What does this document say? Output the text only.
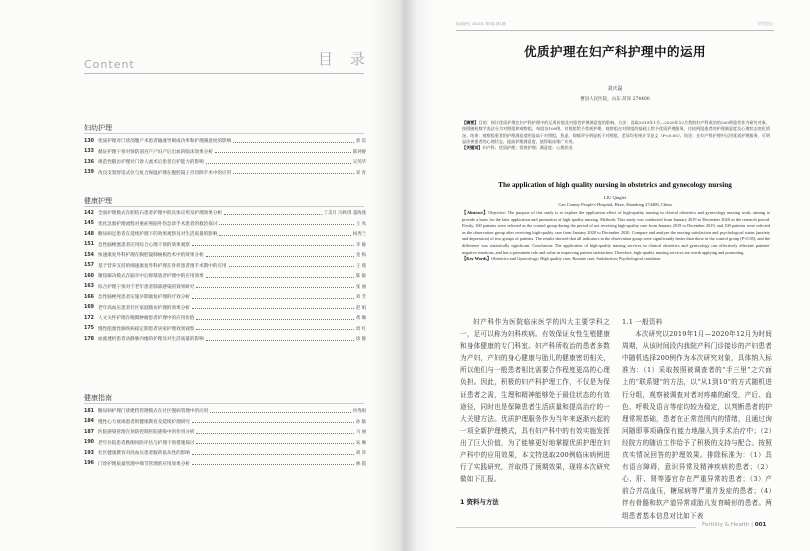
Content	目 录
妇幼护理
130 优质护理对门诊剖腹产术患者输液导刺成功率和护理满意度的影响	郭 雷
133 循证护理干预对预防剖宫产产妇产后出血的临床效果分析	陈钟静
136 规范性随访护理对门诊人流术后患者自护能力的影响	吴英华
139 改良支架舒适式位与复合保温护理在腹腔镜子宫切除手术中的应用	邓 青
健康护理
142 全面护理模式在胆结石患者护理中的具体应用及护理效果分析	丁美月 冯秋琪 董海燕
145 优化急救护理流程对重症颅脑外伤急诊手术患者的救治探讨	王 凤
148 糖尿病足患者在延续护理下的效果观察及对生活质量的影响	杨秀兰
151 急性脑梗塞患者应用综合心理干预的效果观察	李 静
154 快速康复外科护理在胸腔镜肺癌根治术中的效果分析	金 梅
157 基于营养支持的细速康复外科护理在骨折患者围手术期中的应用	王 燕
160 聚焦解决模式在脑卒中后抑郁患者护理中的应用效果	陈 敏
163 综合护理干预对于老年患者肺部感染的效果研究	张 丽
166 急性脑梗死患者实施早期康复护理的疗效分析	刘 芳
169 老年高血压患者社区家庭随访护理的效果分析	赵 娟
172 人文关怀护理在晚期肿瘤患者护理中的应用价值	黄 琳
175 慢性阻塞性肺疾病稳定期患者居家护理效果观察	周 红
178 血液透析患者动静脉内瘘的护理及对生活质量的影响	徐 静
健康指南
181 糖尿病护理门诊建档管理模式在社区慢病管理中的应用	何秀娟
184 慢性心力衰竭患者的健康教育及延续护理研究	孙 敏
187 医院感染管理在预防控制医院感染中的作用分析	马 丽
190 老年住院患者跌倒风险评估与护理干预措施探讨	朱 琳
193 社区健康教育对高血压患者服药依从性的影响	胡 萍
196 门诊护理质量管理中细节管理的应用效果分析	林 霞
临床研究 2024年 第3卷 第1期	学科论坛
优质护理在妇产科护理中的运用
刘庆磊
曹县人民医院，山东 菏泽 274400
【摘要】目的：探讨优质护理在妇产科护理中的运用价值及对患者护理满意度的影响。方法：选取2019年1月—2020年12月我院妇产科收治的200例患者作为研究对象，按照随机数字表法分为对照组和观察组，每组各100例。对照组给予常规护理，观察组在对照组的基础上给予优质护理服务。比较两组患者的护理满意度及心理状态变化情况。结果：观察组患者的护理满意度明显高于对照组，焦虑、抑郁评分明显低于对照组，差异均有统计学意义（P<0.05）。结论：在妇产科护理中运用优质护理服务，可明显改善患者的心理状态，提高护理满意度，值得临床推广应用。
【关键词】妇产科；优质护理；常规护理；满意度；心理状况
The application of high quality nursing in obstetrics and gynecology nursing
LIU Qinglei
Cao County People's Hospital, Heze, Shandong 274400, China
【Abstract】Objective: The purpose of this study is to explore the application effect of high-quality nursing in clinical obstetrics and gynecology nursing work, aiming to provide a basis for the later application and promotion of high-quality nursing. Methods: This study was conducted from January 2019 to December 2020 as the research period. Firstly, 100 patients were selected as the control group during the period of not receiving high-quality care from January 2019 to December 2019, and 100 patients were selected as the observation group after receiving high-quality care from January 2020 to December 2020. Compare and analyze the nursing satisfaction and psychological status (anxiety and depression) of two groups of patients. The results showed that all indicators in the observation group were significantly better than those in the control group (P<0.05), and the difference was statistically significant. Conclusion: The application of high-quality nursing services in clinical obstetrics and gynecology can effectively alleviate patients' negative emotions, and has a prominent role and value in improving patient satisfaction. Therefore, high-quality nursing services are worth applying and promoting.
【Key Words】Obstetrics and Gynecology; High quality care; Routine care; Satisfaction; Psychological condition
妇产科作为医院临床医学的四大主要学科之一，足可以称为妇科疾病。有效保证女性生殖健康和身体健康的专门科室。妇产科所收治的患者多数为产妇，产妇的身心健康与胎儿的健康密切相关，所以他们与一般患者相比需要合作程度更高的心理负担。因此，积极的妇产科护理工作，不仅是为保证患者之需，生理和精神能够处于最佳状态的有效途径，同时也是保障患者生活质量和提高治疗的一大关键方法。优质护理服务作为当年来逐渐兴起的一项全新护理模式，具有妇产科中的有效实施发挥出了巨大价值，为了能够更好地掌握优质护理在妇产科中的应用效果，本文特选取200例临床病例进行了实践研究，并取得了预期效果，现将本次研究做如下汇报。
1 资料与方法
1.1 一般资料
本次研究以2019年1月—2020年12月为时间周期，从该时间段内我院产科门诊接诊的产妇患者中随机选择200例作为本次研究对象，具体纳入标准为：（1）采取按照被调查者的“手三里”之穴面上的“联系键”的方法，以“从1到10”的方式随机进行分组，观察被调查对者对疼痛的耐受，产后、血色、呼吸及语言等症均较为稳定，以判断患者的护理常规基础，患者在正常范围内的情绪，且通过询问随即事项确保有能力地融入到手术治疗中；（2）经院方的随访工作给予了积极的支持与配合。按照真实情况回答的护理效果。排除标准为：（1）具有语言障碍，意识异常及精神疾病的患者；（2）心、肝、肾等器官存在严重异常的患者；（3）产前合并高血压，糖尿病等严重并发症的患者；（4）伴有骨骼和软产道异常或胎儿发育畸形的患者。两组患者基本信息对比如下表
Fertility & Health | 001
